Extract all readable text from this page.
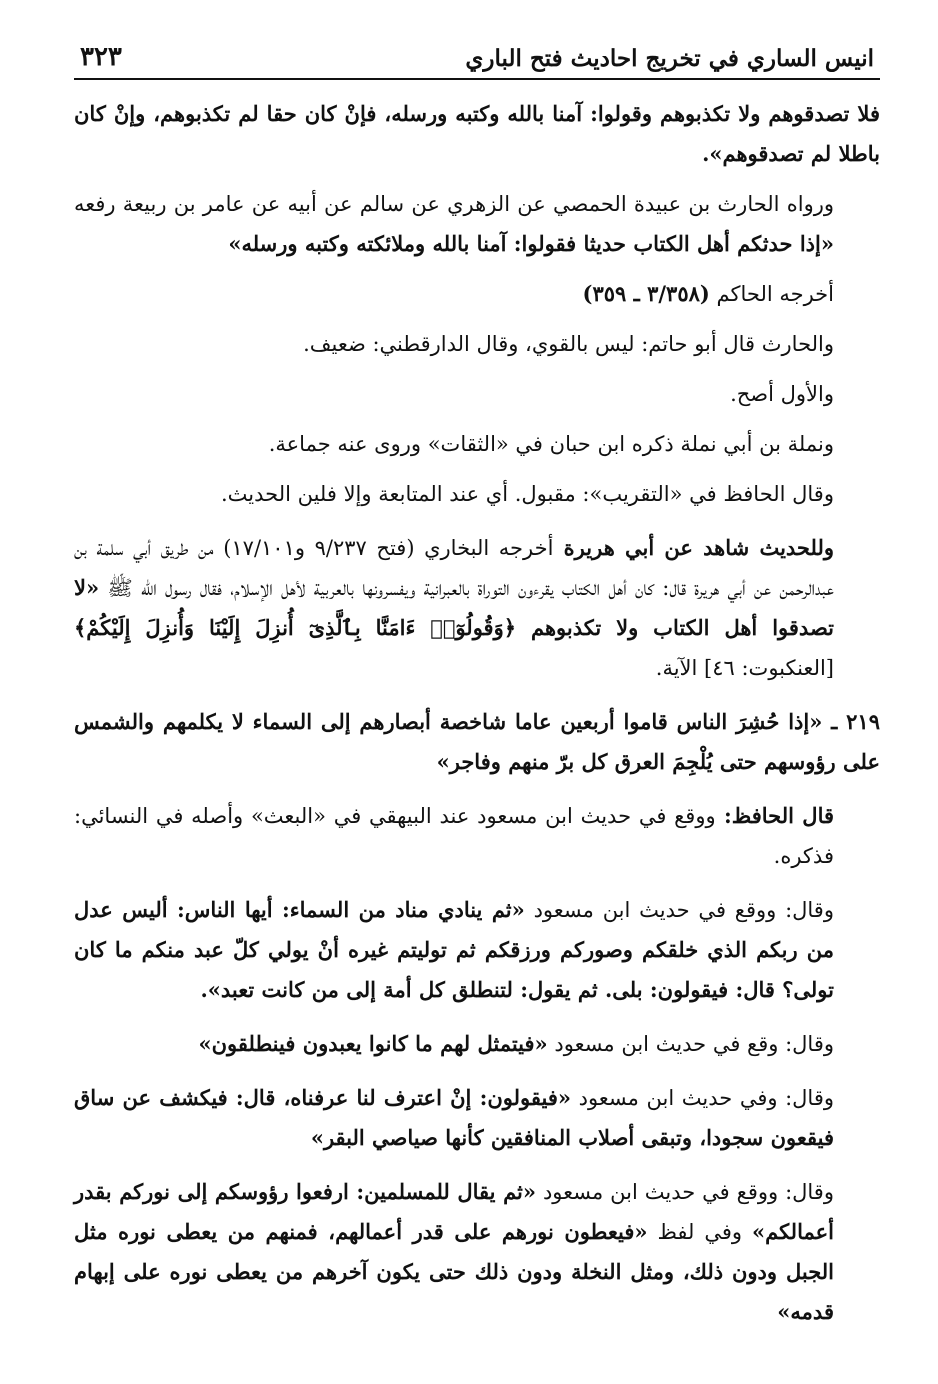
انيس الساري في تخريج احاديث فتح الباري
٣٢٣

فلا تصدقوهم ولا تكذبوهم وقولوا: آمنا بالله وكتبه ورسله، فإنْ كان حقا لم تكذبوهم، وإنْ كان باطلا لم تصدقوهم».

ورواه الحارث بن عبيدة الحمصي عن الزهري عن سالم عن أبيه عن عامر بن ربيعة رفعه «إذا حدثكم أهل الكتاب حديثا فقولوا: آمنا بالله وملائكته وكتبه ورسله»

أخرجه الحاكم (٣/٣٥٨ ـ ٣٥٩)

والحارث قال أبو حاتم: ليس بالقوي، وقال الدارقطني: ضعيف.

والأول أصح.

ونملة بن أبي نملة ذكره ابن حبان في «الثقات» وروى عنه جماعة.

وقال الحافظ في «التقريب»: مقبول. أي عند المتابعة وإلا فلين الحديث.

وللحديث شاهد عن أبي هريرة أخرجه البخاري (فتح ٩/٢٣٧ و١٧/١٠١) من طريق أبي سلمة بن عبدالرحمن عن أبي هريرة قال: كان أهل الكتاب يقرءون التوراة بالعبرانية ويفسرونها بالعربية لأهل الإسلام، فقال رسول الله ﷺ «لا تصدقوا أهل الكتاب ولا تكذبوهم ﴿وَقُولُوٓا۟ ءَامَنَّا بِٱلَّذِىٓ أُنزِلَ إِلَيْنَا وَأُنزِلَ إِلَيْكُمْ﴾ [العنكبوت: ٤٦] الآية.

٢١٩ ـ «إذا حُشِرَ الناس قاموا أربعين عاما شاخصة أبصارهم إلى السماء لا يكلمهم والشمس على رؤوسهم حتى يُلْجِمَ العرق كل برّ منهم وفاجر»

قال الحافظ: ووقع في حديث ابن مسعود عند البيهقي في «البعث» وأصله في النسائي: فذكره.

وقال: ووقع في حديث ابن مسعود «ثم ينادي مناد من السماء: أيها الناس: أليس عدل من ربكم الذي خلقكم وصوركم ورزقكم ثم توليتم غيره أنْ يولي كلّ عبد منكم ما كان تولى؟ قال: فيقولون: بلى. ثم يقول: لتنطلق كل أمة إلى من كانت تعبد».

وقال: وقع في حديث ابن مسعود «فيتمثل لهم ما كانوا يعبدون فينطلقون»

وقال: وفي حديث ابن مسعود «فيقولون: إنْ اعترف لنا عرفناه، قال: فيكشف عن ساق فيقعون سجودا، وتبقى أصلاب المنافقين كأنها صياصي البقر»

وقال: ووقع في حديث ابن مسعود «ثم يقال للمسلمين: ارفعوا رؤوسكم إلى نوركم بقدر أعمالكم» وفي لفظ «فيعطون نورهم على قدر أعمالهم، فمنهم من يعطى نوره مثل الجبل ودون ذلك، ومثل النخلة ودون ذلك حتى يكون آخرهم من يعطى نوره على إبهام قدمه»
